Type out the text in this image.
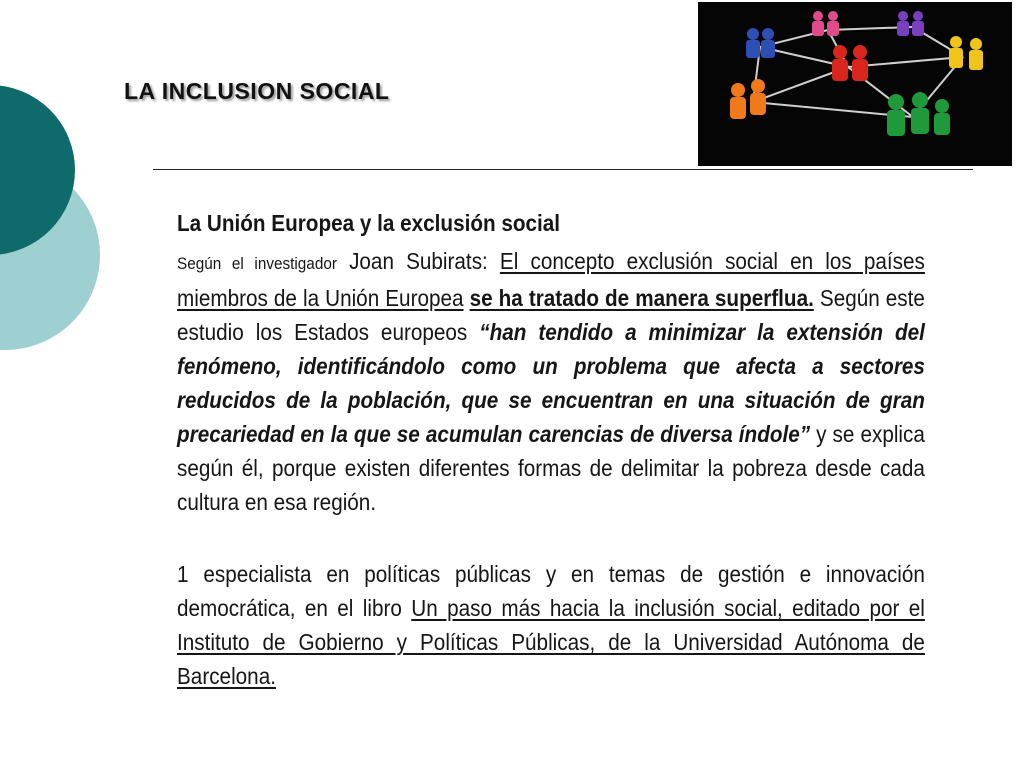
LA INCLUSION SOCIAL

La Unión Europea y la exclusión social

Según el investigador Joan Subirats: El concepto exclusión social en los países miembros de la Unión Europea se ha tratado de manera superflua. Según este estudio los Estados europeos “han tendido a minimizar la extensión del fenómeno, identificándolo como un problema que afecta a sectores reducidos de la población, que se encuentran en una situación de gran precariedad en la que se acumulan carencias de diversa índole” y se explica según él, porque existen diferentes formas de delimitar la pobreza desde cada cultura en esa región.

1 especialista en políticas públicas y en temas de gestión e innovación democrática, en el libro Un paso más hacia la inclusión social, editado por el Instituto de Gobierno y Políticas Públicas, de la Universidad Autónoma de Barcelona.
